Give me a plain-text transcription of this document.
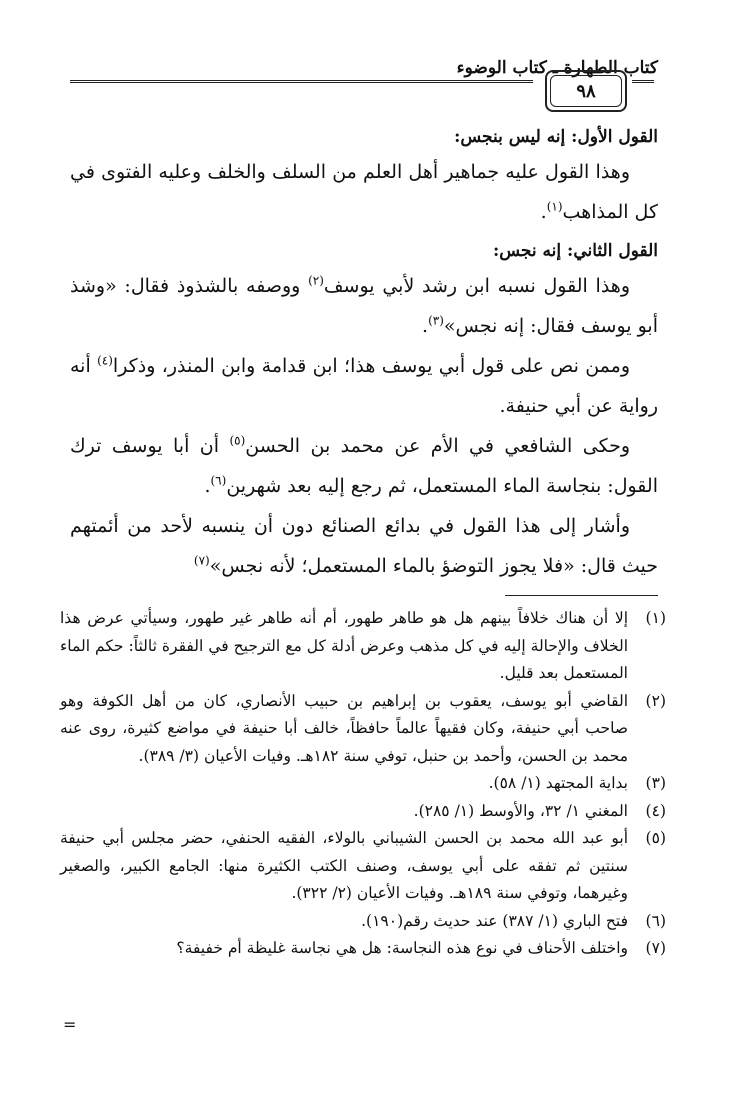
كتاب الطهارة ـ كتاب الوضوء
٩٨

القول الأول: إنه ليس بنجس:

وهذا القول عليه جماهير أهل العلم من السلف والخلف وعليه الفتوى في كل المذاهب$^{(١)}$.

القول الثاني: إنه نجس:

وهذا القول نسبه ابن رشد لأبي يوسف$^{(٢)}$ ووصفه بالشذوذ فقال: «وشذ أبو يوسف فقال: إنه نجس»$^{(٣)}$.

وممن نص على قول أبي يوسف هذا؛ ابن قدامة وابن المنذر، وذكرا$^{(٤)}$ أنه رواية عن أبي حنيفة.

وحكى الشافعي في الأم عن محمد بن الحسن$^{(٥)}$ أن أبا يوسف ترك القول: بنجاسة الماء المستعمل، ثم رجع إليه بعد شهرين$^{(٦)}$.

وأشار إلى هذا القول في بدائع الصنائع دون أن ينسبه لأحد من أئمتهم حيث قال: «فلا يجوز التوضؤ بالماء المستعمل؛ لأنه نجس»$^{(٧)}$

(١)
إلا أن هناك خلافاً بينهم هل هو طاهر طهور، أم أنه طاهر غير طهور، وسيأتي عرض هذا الخلاف والإحالة إليه في كل مذهب وعرض أدلة كل مع الترجيح في الفقرة ثالثاً: حكم الماء المستعمل بعد قليل.
(٢)
القاضي أبو يوسف، يعقوب بن إبراهيم بن حبيب الأنصاري، كان من أهل الكوفة وهو صاحب أبي حنيفة، وكان فقيهاً عالماً حافظاً، خالف أبا حنيفة في مواضع كثيرة، روى عنه محمد بن الحسن، وأحمد بن حنبل، توفي سنة ١٨٢هـ. وفيات الأعيان (٣/ ٣٨٩).
(٣)
بداية المجتهد (١/ ٥٨).
(٤)
المغني ١/ ٣٢، والأوسط (١/ ٢٨٥).
(٥)
أبو عبد الله محمد بن الحسن الشيباني بالولاء، الفقيه الحنفي، حضر مجلس أبي حنيفة سنتين ثم تفقه على أبي يوسف، وصنف الكتب الكثيرة منها: الجامع الكبير، والصغير وغيرهما، وتوفي سنة ١٨٩هـ. وفيات الأعيان (٢/ ٣٢٢).
(٦)
فتح الباري (١/ ٣٨٧) عند حديث رقم(١٩٠).
(٧)
واختلف الأحناف في نوع هذه النجاسة: هل هي نجاسة غليظة أم خفيفة؟
=
